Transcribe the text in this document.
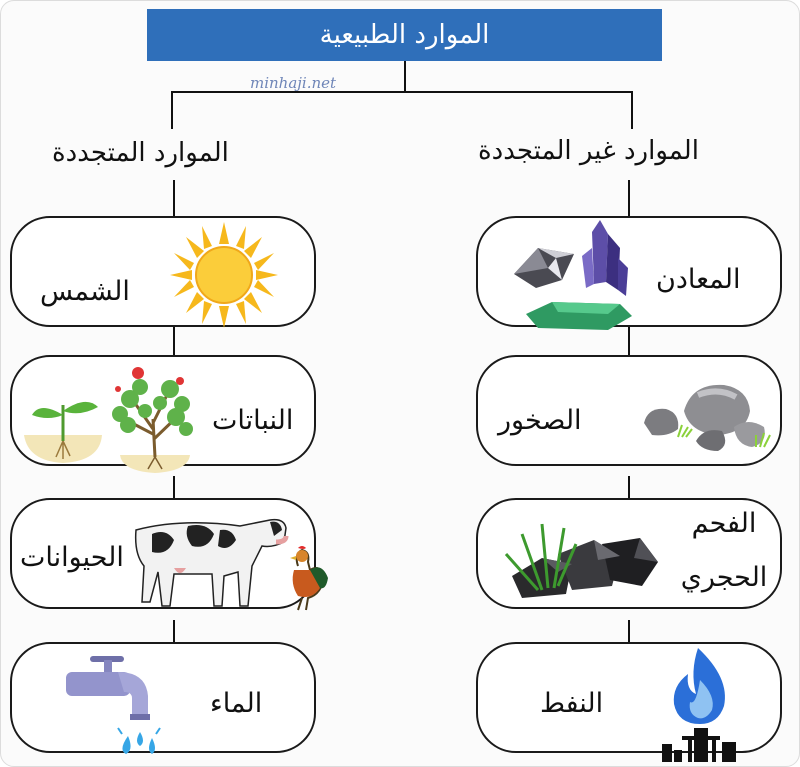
الموارد الطبيعية
minhaji.net
الموارد المتجددة	الموارد غير المتجددة
الشمس
النباتات
الحيوانات
الماء
المعادن
الصخور
الفحم
الحجري
النفط
